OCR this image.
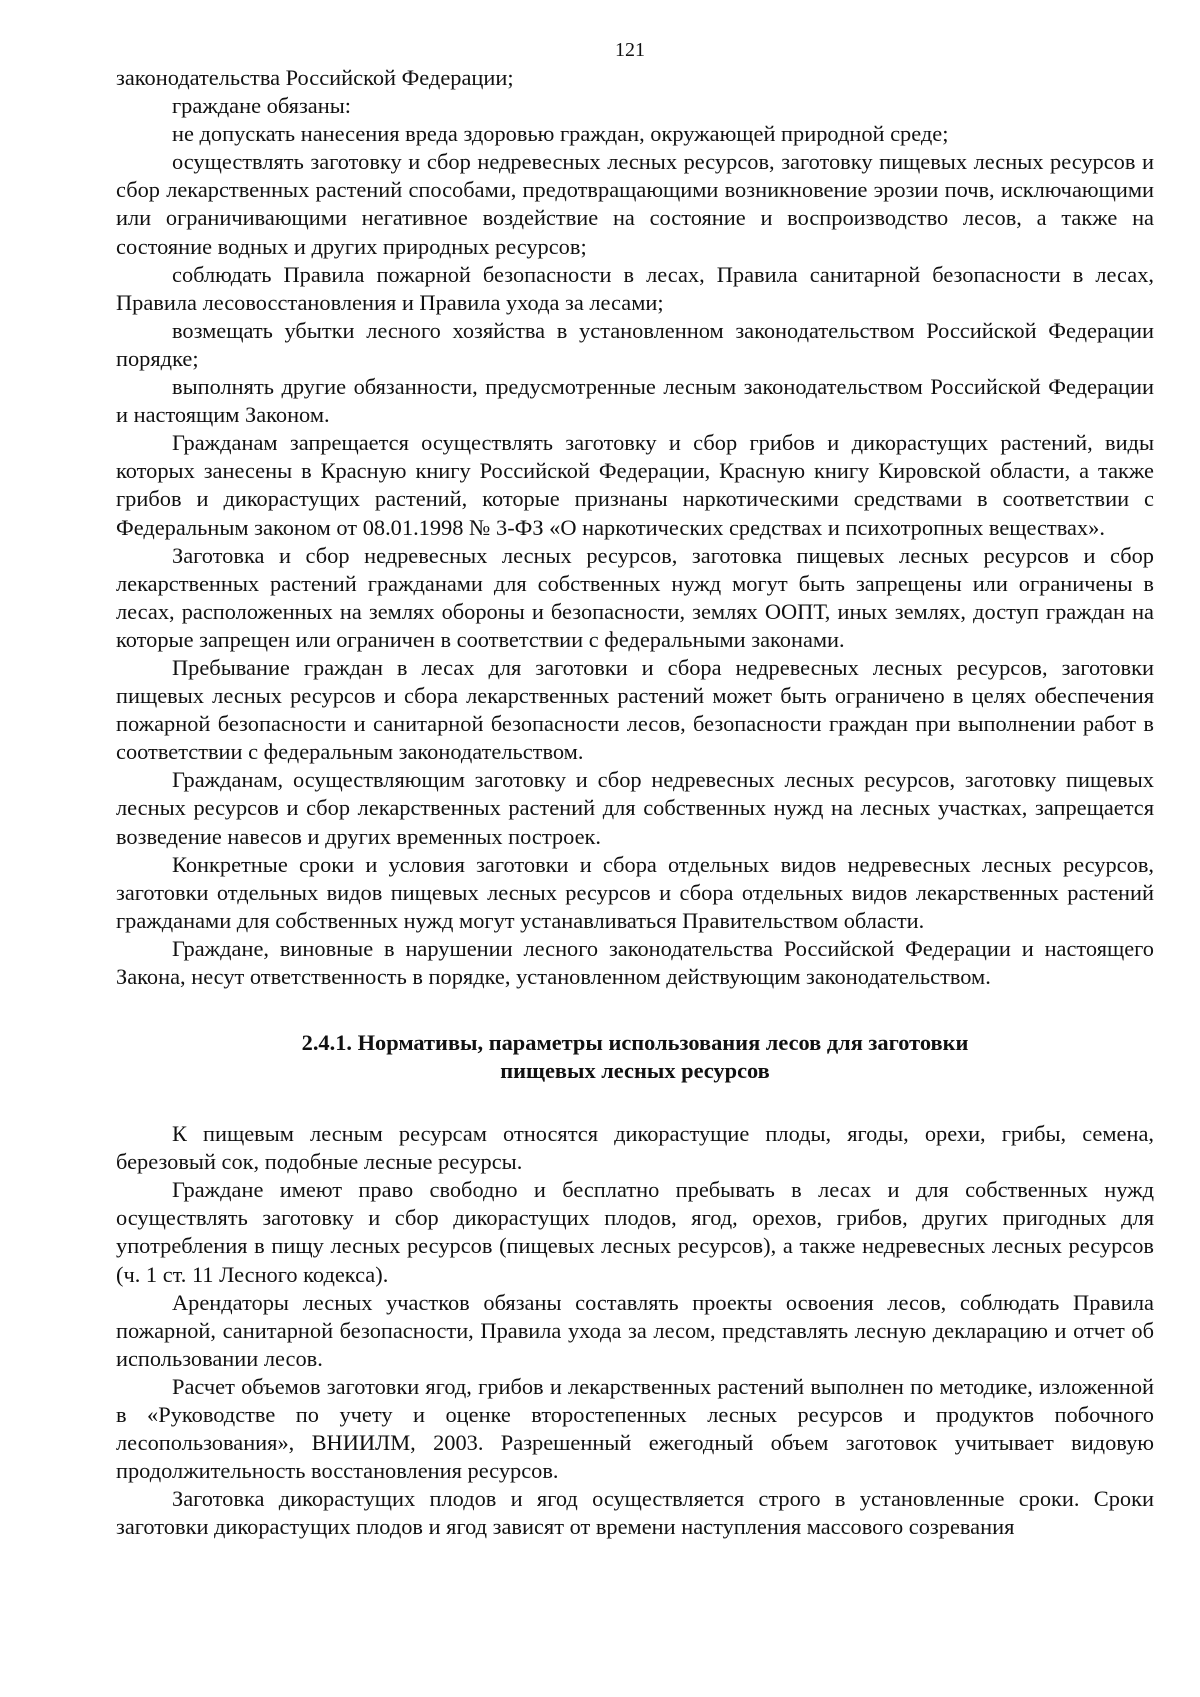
121

законодательства Российской Федерации;

граждане обязаны:

не допускать нанесения вреда здоровью граждан, окружающей природной среде;

осуществлять заготовку и сбор недревесных лесных ресурсов, заготовку пищевых лесных ресурсов и сбор лекарственных растений способами, предотвращающими возникновение эрозии почв, исключающими или ограничивающими негативное воздействие на состояние и воспроизводство лесов, а также на состояние водных и других природных ресурсов;

соблюдать Правила пожарной безопасности в лесах, Правила санитарной безопасности в лесах, Правила лесовосстановления и Правила ухода за лесами;

возмещать убытки лесного хозяйства в установленном законодательством Российской Федерации порядке;

выполнять другие обязанности, предусмотренные лесным законодательством Российской Федерации и настоящим Законом.

Гражданам запрещается осуществлять заготовку и сбор грибов и дикорастущих растений, виды которых занесены в Красную книгу Российской Федерации, Красную книгу Кировской области, а также грибов и дикорастущих растений, которые признаны наркотическими средствами в соответствии с Федеральным законом от 08.01.1998 № 3-ФЗ «О наркотических средствах и психотропных веществах».

Заготовка и сбор недревесных лесных ресурсов, заготовка пищевых лесных ресурсов и сбор лекарственных растений гражданами для собственных нужд могут быть запрещены или ограничены в лесах, расположенных на землях обороны и безопасности, землях ООПТ, иных землях, доступ граждан на которые запрещен или ограничен в соответствии с федеральными законами.

Пребывание граждан в лесах для заготовки и сбора недревесных лесных ресурсов, заготовки пищевых лесных ресурсов и сбора лекарственных растений может быть ограничено в целях обеспечения пожарной безопасности и санитарной безопасности лесов, безопасности граждан при выполнении работ в соответствии с федеральным законодательством.

Гражданам, осуществляющим заготовку и сбор недревесных лесных ресурсов, заготовку пищевых лесных ресурсов и сбор лекарственных растений для собственных нужд на лесных участках, запрещается возведение навесов и других временных построек.

Конкретные сроки и условия заготовки и сбора отдельных видов недревесных лесных ресурсов, заготовки отдельных видов пищевых лесных ресурсов и сбора отдельных видов лекарственных растений гражданами для собственных нужд могут устанавливаться Правительством области.

Граждане, виновные в нарушении лесного законодательства Российской Федерации и настоящего Закона, несут ответственность в порядке, установленном действующим законодательством.

2.4.1. Нормативы, параметры использования лесов для заготовки
пищевых лесных ресурсов

К пищевым лесным ресурсам относятся дикорастущие плоды, ягоды, орехи, грибы, семена, березовый сок, подобные лесные ресурсы.

Граждане имеют право свободно и бесплатно пребывать в лесах и для собственных нужд осуществлять заготовку и сбор дикорастущих плодов, ягод, орехов, грибов, других пригодных для употребления в пищу лесных ресурсов (пищевых лесных ресурсов), а также недревесных лесных ресурсов (ч. 1 ст. 11 Лесного кодекса).

Арендаторы лесных участков обязаны составлять проекты освоения лесов, соблюдать Правила пожарной, санитарной безопасности, Правила ухода за лесом, представлять лесную декларацию и отчет об использовании лесов.

Расчет объемов заготовки ягод, грибов и лекарственных растений выполнен по методике, изложенной в «Руководстве по учету и оценке второстепенных лесных ресурсов и продуктов побочного лесопользования», ВНИИЛМ, 2003. Разрешенный ежегодный объем заготовок учитывает видовую продолжительность восстановления ресурсов.

Заготовка дикорастущих плодов и ягод осуществляется строго в установленные сроки. Сроки заготовки дикорастущих плодов и ягод зависят от времени наступления массового созревания
